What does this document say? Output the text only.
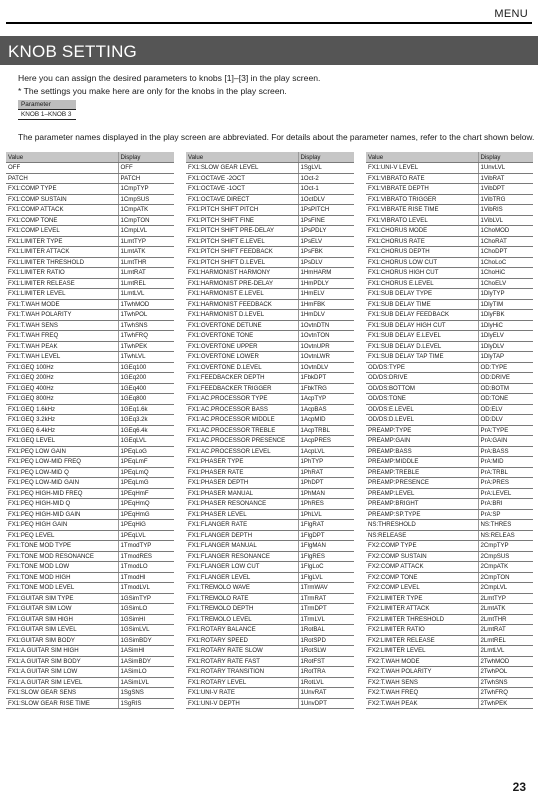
MENU
KNOB SETTING
Here you can assign the desired parameters to knobs [1]–[3] in the play screen.
* The settings you make here are only for the knobs in the play screen.
Parameter
KNOB 1–KNOB 3
The parameter names displayed in the play screen are abbreviated. For details about the parameter names, refer to the chart shown below.
Value	Display
OFF	OFF
PATCH	PATCH
FX1:COMP TYPE	1CmpTYP
FX1:COMP SUSTAIN	1CmpSUS
FX1:COMP ATTACK	1CmpATK
FX1:COMP TONE	1CmpTON
FX1:COMP LEVEL	1CmpLVL
FX1:LIMITER TYPE	1LmtTYP
FX1:LIMITER ATTACK	1LmtATK
FX1:LIMITER THRESHOLD	1LmtTHR
FX1:LIMITER RATIO	1LmtRAT
FX1:LIMITER RELEASE	1LmtREL
FX1:LIMITER LEVEL	1LmtLVL
FX1:T.WAH MODE	1TwhMOD
FX1:T.WAH POLARITY	1TwhPOL
FX1:T.WAH SENS	1TwhSNS
FX1:T.WAH FREQ	1TwhFRQ
FX1:T.WAH PEAK	1TwhPEK
FX1:T.WAH LEVEL	1TwhLVL
FX1:GEQ 100Hz	1GEq100
FX1:GEQ 200Hz	1GEq200
FX1:GEQ 400Hz	1GEq400
FX1:GEQ 800Hz	1GEq800
FX1:GEQ 1.6kHz	1GEq1.6k
FX1:GEQ 3.2kHz	1GEq3.2k
FX1:GEQ 6.4kHz	1GEq6.4k
FX1:GEQ LEVEL	1GEqLVL
FX1:PEQ LOW GAIN	1PEqLoG
FX1:PEQ LOW-MID FREQ	1PEqLmF
FX1:PEQ LOW-MID Q	1PEqLmQ
FX1:PEQ LOW-MID GAIN	1PEqLmG
FX1:PEQ HIGH-MID FREQ	1PEqHmF
FX1:PEQ HIGH-MID Q	1PEqHmQ
FX1:PEQ HIGH-MID GAIN	1PEqHmG
FX1:PEQ HIGH GAIN	1PEqHiG
FX1:PEQ LEVEL	1PEqLVL
FX1:TONE MOD TYPE	1TmodTYP
FX1:TONE MOD RESONANCE	1TmodRES
FX1:TONE MOD LOW	1TmodLO
FX1:TONE MOD HIGH	1TmodHI
FX1:TONE MOD LEVEL	1TmodLVL
FX1:GUITAR SIM TYPE	1GSimTYP
FX1:GUITAR SIM LOW	1GSimLO
FX1:GUITAR SIM HIGH	1GSimHI
FX1:GUITAR SIM LEVEL	1GSimLVL
FX1:GUITAR SIM BODY	1GSimBDY
FX1:A.GUITAR SIM HIGH	1ASimHI
FX1:A.GUITAR SIM BODY	1ASimBDY
FX1:A.GUITAR SIM LOW	1ASimLO
FX1:A.GUITAR SIM LEVEL	1ASimLVL
FX1:SLOW GEAR SENS	1SgSNS
FX1:SLOW GEAR RISE TIME	1SgRIS
Value	Display
FX1:SLOW GEAR LEVEL	1SgLVL
FX1:OCTAVE -2OCT	1Oct-2
FX1:OCTAVE -1OCT	1Oct-1
FX1:OCTAVE DIRECT	1OctDLV
FX1:PITCH SHIFT PITCH	1PsPITCH
FX1:PITCH SHIFT FINE	1PsFINE
FX1:PITCH SHIFT PRE-DELAY	1PsPDLY
FX1:PITCH SHIFT E.LEVEL	1PsELV
FX1:PITCH SHIFT FEEDBACK	1PsFBK
FX1:PITCH SHIFT D.LEVEL	1PsDLV
FX1:HARMONIST HARMONY	1HmHARM
FX1:HARMONIST PRE-DELAY	1HmPDLY
FX1:HARMONIST E.LEVEL	1HmELV
FX1:HARMONIST FEEDBACK	1HmFBK
FX1:HARMONIST D.LEVEL	1HmDLV
FX1:OVERTONE DETUNE	1OvtnDTN
FX1:OVERTONE TONE	1OvtnTON
FX1:OVERTONE UPPER	1OvtnUPR
FX1:OVERTONE LOWER	1OvtnLWR
FX1:OVERTONE D.LEVEL	1OvtnDLV
FX1:FEEDBACKER DEPTH	1FbkDPT
FX1:FEEDBACKER TRIGGER	1FbkTRG
FX1:AC.PROCESSOR TYPE	1AcpTYP
FX1:AC.PROCESSOR BASS	1AcpBAS
FX1:AC.PROCESSOR MIDDLE	1AcpMID
FX1:AC.PROCESSOR TREBLE	1AcpTRBL
FX1:AC.PROCESSOR PRESENCE	1AcpPRES
FX1:AC.PROCESSOR LEVEL	1AcpLVL
FX1:PHASER TYPE	1PhTYP
FX1:PHASER RATE	1PhRAT
FX1:PHASER DEPTH	1PhDPT
FX1:PHASER MANUAL	1PhMAN
FX1:PHASER RESONANCE	1PhRES
FX1:PHASER LEVEL	1PhLVL
FX1:FLANGER RATE	1FlgRAT
FX1:FLANGER DEPTH	1FlgDPT
FX1:FLANGER MANUAL	1FlgMAN
FX1:FLANGER RESONANCE	1FlgRES
FX1:FLANGER LOW CUT	1FlgLoC
FX1:FLANGER LEVEL	1FlgLVL
FX1:TREMOLO WAVE	1TrmWAV
FX1:TREMOLO RATE	1TrmRAT
FX1:TREMOLO DEPTH	1TrmDPT
FX1:TREMOLO LEVEL	1TrmLVL
FX1:ROTARY BALANCE	1RotBAL
FX1:ROTARY SPEED	1RotSPD
FX1:ROTARY RATE SLOW	1RotSLW
FX1:ROTARY RATE FAST	1RotFST
FX1:ROTARY TRANSITION	1RotTRA
FX1:ROTARY LEVEL	1RotLVL
FX1:UNI-V RATE	1UnvRAT
FX1:UNI-V DEPTH	1UnvDPT
Value	Display
FX1:UNI-V LEVEL	1UnvLVL
FX1:VIBRATO RATE	1VibRAT
FX1:VIBRATE DEPTH	1VibDPT
FX1:VIBRATO TRIGGER	1VibTRG
FX1:VIBRATE RISE TIME	1VibRIS
FX1:VIBRATO LEVEL	1VibLVL
FX1:CHORUS MODE	1ChoMOD
FX1:CHORUS RATE	1ChoRAT
FX1:CHORUS DEPTH	1ChoDPT
FX1:CHORUS LOW CUT	1ChoLoC
FX1:CHORUS HIGH CUT	1ChoHiC
FX1:CHORUS E.LEVEL	1ChoELV
FX1:SUB DELAY TYPE	1DlyTYP
FX1:SUB DELAY TIME	1DlyTIM
FX1:SUB DELAY FEEDBACK	1DlyFBK
FX1:SUB DELAY HIGH CUT	1DlyHiC
FX1:SUB DELAY E.LEVEL	1DlyELV
FX1:SUB DELAY D.LEVEL	1DlyDLV
FX1:SUB DELAY TAP TIME	1DlyTAP
OD/DS:TYPE	OD:TYPE
OD/DS:DRIVE	OD:DRIVE
OD/DS:BOTTOM	OD:BOTM
OD/DS:TONE	OD:TONE
OD/DS:E.LEVEL	OD:ELV
OD/DS:D.LEVEL	OD:DLV
PREAMP:TYPE	PrA:TYPE
PREAMP:GAIN	PrA:GAIN
PREAMP:BASS	PrA:BASS
PREAMP:MIDDLE	PrA:MID
PREAMP:TREBLE	PrA:TRBL
PREAMP:PRESENCE	PrA:PRES
PREAMP:LEVEL	PrA:LEVEL
PREAMP:BRIGHT	PrA:BRI
PREAMP:SP.TYPE	PrA:SP
NS:THRESHOLD	NS:THRES
NS:RELEASE	NS:RELEAS
FX2:COMP TYPE	2CmpTYP
FX2:COMP SUSTAIN	2CmpSUS
FX2:COMP ATTACK	2CmpATK
FX2:COMP TONE	2CmpTON
FX2:COMP LEVEL	2CmpLVL
FX2:LIMITER TYPE	2LmtTYP
FX2:LIMITER ATTACK	2LmtATK
FX2:LIMITER THRESHOLD	2LmtTHR
FX2:LIMITER RATIO	2LmtRAT
FX2:LIMITER RELEASE	2LmtREL
FX2:LIMITER LEVEL	2LmtLVL
FX2:T.WAH MODE	2TwhMOD
FX2:T.WAH POLARITY	2TwhPOL
FX2:T.WAH SENS	2TwhSNS
FX2:T.WAH FREQ	2TwhFRQ
FX2:T.WAH PEAK	2TwhPEK
23
